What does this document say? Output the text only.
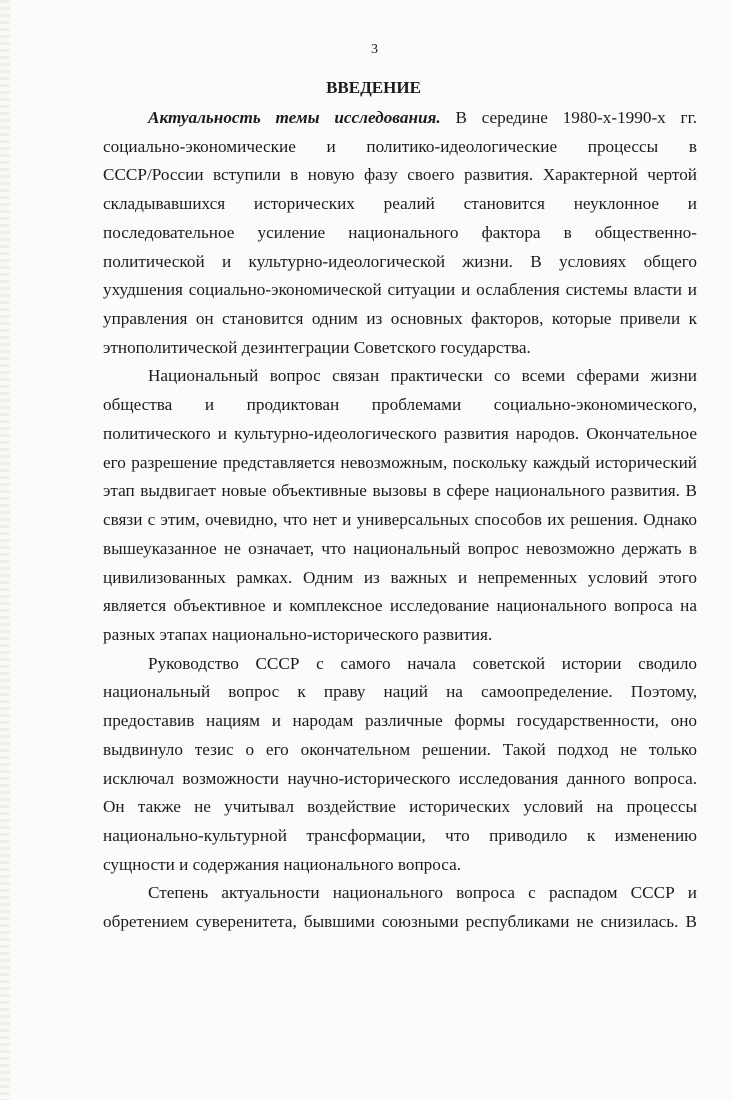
3
ВВЕДЕНИЕ
Актуальность темы исследования. В середине 1980-х-1990-х гг.
социально-экономические и политико-идеологические процессы в
СССР/России вступили в новую фазу своего развития. Характерной чертой
складывавшихся исторических реалий становится неуклонное и
последовательное усиление национального фактора в общественно-
политической и культурно-идеологической жизни. В условиях общего
ухудшения социально-экономической ситуации и ослабления системы власти и
управления он становится одним из основных факторов, которые привели к
этнополитической дезинтеграции Советского государства.
Национальный вопрос связан практически со всеми сферами жизни
общества и продиктован проблемами социально-экономического,
политического и культурно-идеологического развития народов. Окончательное
его разрешение представляется невозможным, поскольку каждый исторический
этап выдвигает новые объективные вызовы в сфере национального развития. В
связи с этим, очевидно, что нет и универсальных способов их решения. Однако
вышеуказанное не означает, что национальный вопрос невозможно держать в
цивилизованных рамках. Одним из важных и непременных условий этого
является объективное и комплексное исследование национального вопроса на
разных этапах национально-исторического развития.
Руководство СССР с самого начала советской истории сводило
национальный вопрос к праву наций на самоопределение. Поэтому,
предоставив нациям и народам различные формы государственности, оно
выдвинуло тезис о его окончательном решении. Такой подход не только
исключал возможности научно-исторического исследования данного вопроса.
Он также не учитывал воздействие исторических условий на процессы
национально-культурной трансформации, что приводило к изменению
сущности и содержания национального вопроса.
Степень актуальности национального вопроса с распадом СССР и
обретением суверенитета, бывшими союзными республиками не снизилась. В
